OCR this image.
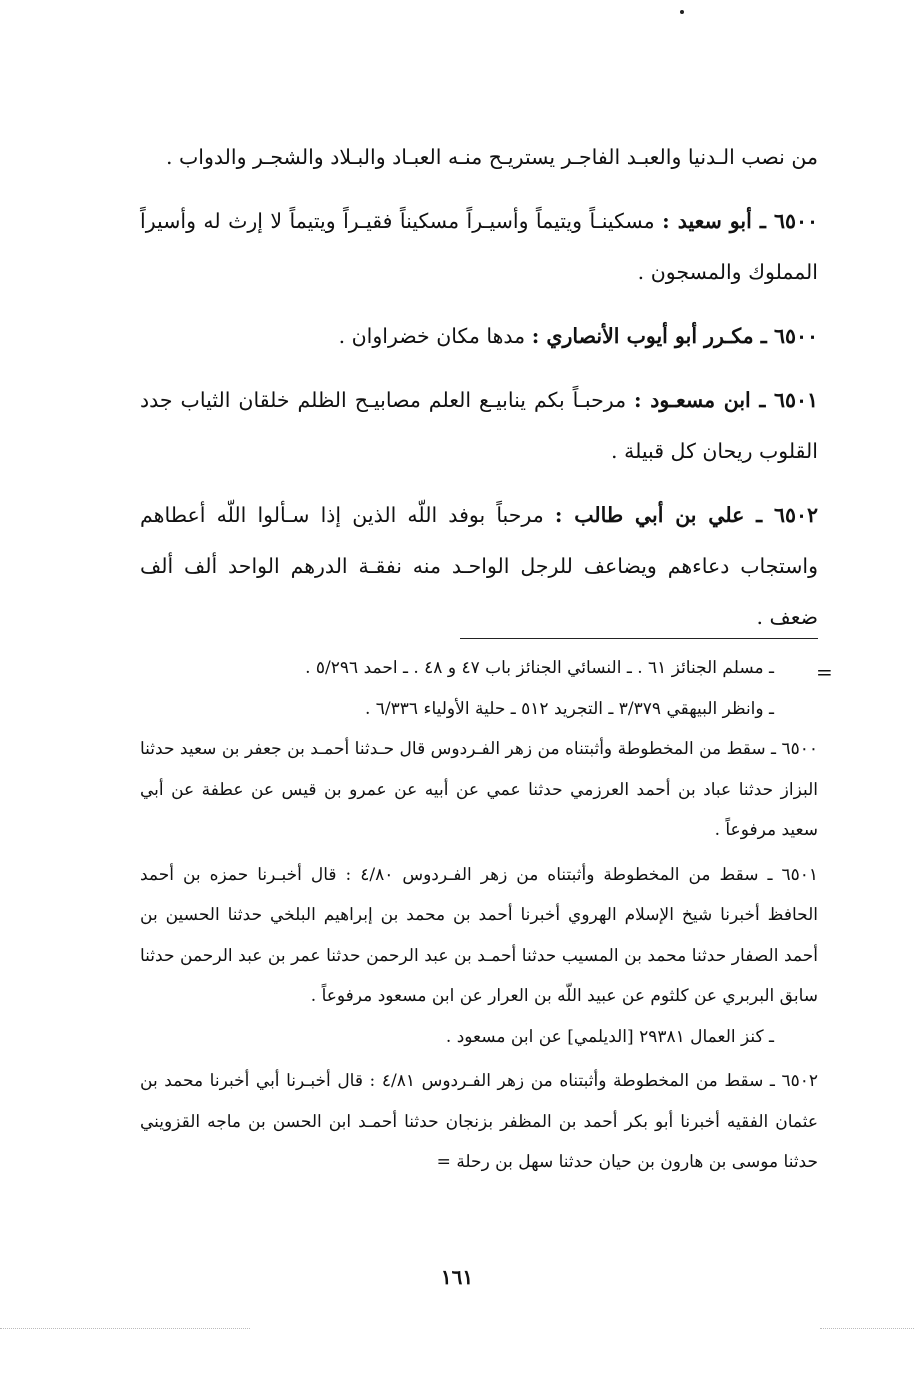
من نصب الـدنيا والعبـد الفاجـر يستريـح منـه العبـاد والبـلاد والشجـر والدواب .

٦٥٠٠ ـ أبو سعيد : مسكينـاً ويتيماً وأسيـراً مسكيناً فقيـراً ويتيماً لا إرث له وأسيراً المملوك والمسجون .

٦٥٠٠ ـ مكـرر أبو أيوب الأنصاري : مدها مكان خضراوان .

٦٥٠١ ـ ابن مسعـود : مرحبـاً بكم ينابيـع العلم مصابيـح الظلم خلقان الثياب جدد القلوب ريحان كل قبيلة .

٦٥٠٢ ـ علي بن أبي طالب : مرحباً بوفد اللّه الذين إذا سـألوا اللّه أعطاهم واستجاب دعاءهم ويضاعف للرجل الواحـد منه نفقـة الدرهم الواحد ألف ألف ضعف .

=

ـ مسلم الجنائز ٦١ . ـ النسائي الجنائز باب ٤٧ و ٤٨ . ـ احمد ٥/٢٩٦ .

ـ وانظر البيهقي ٣/٣٧٩ ـ التجريد ٥١٢ ـ حلية الأولياء ٦/٣٣٦ .

٦٥٠٠ ـ سقط من المخطوطة وأثبتناه من زهر الفـردوس قال حـدثنا أحمـد بن جعفر بن سعيد حدثنا البزاز حدثنا عباد بن أحمد العرزمي حدثنا عمي عن أبيه عن عمرو بن قيس عن عطفة عن أبي سعيد مرفوعاً .

٦٥٠١ ـ سقط من المخطوطة وأثبتناه من زهر الفـردوس ٤/٨٠ : قال أخبـرنا حمزه بن أحمد الحافظ أخبرنا شيخ الإسلام الهروي أخبرنا أحمد بن محمد بن إبراهيم البلخي حدثنا الحسين بن أحمد الصفار حدثنا محمد بن المسيب حدثنا أحمـد بن عبد الرحمن حدثنا عمر بن عبد الرحمن حدثنا سابق البربري عن كلثوم عن عبيد اللّه بن العرار عن ابن مسعود مرفوعاً .

ـ كنز العمال ٢٩٣٨١ [الديلمي] عن ابن مسعود .

٦٥٠٢ ـ سقط من المخطوطة وأثبتناه من زهر الفـردوس ٤/٨١ : قال أخبـرنا أبي أخبرنا محمد بن عثمان الفقيه أخبرنا أبو بكر أحمد بن المظفر بزنجان حدثنا أحمـد ابن الحسن بن ماجه القزويني حدثنا موسى بن هارون بن حيان حدثنا سهل بن رحلة =

١٦١
